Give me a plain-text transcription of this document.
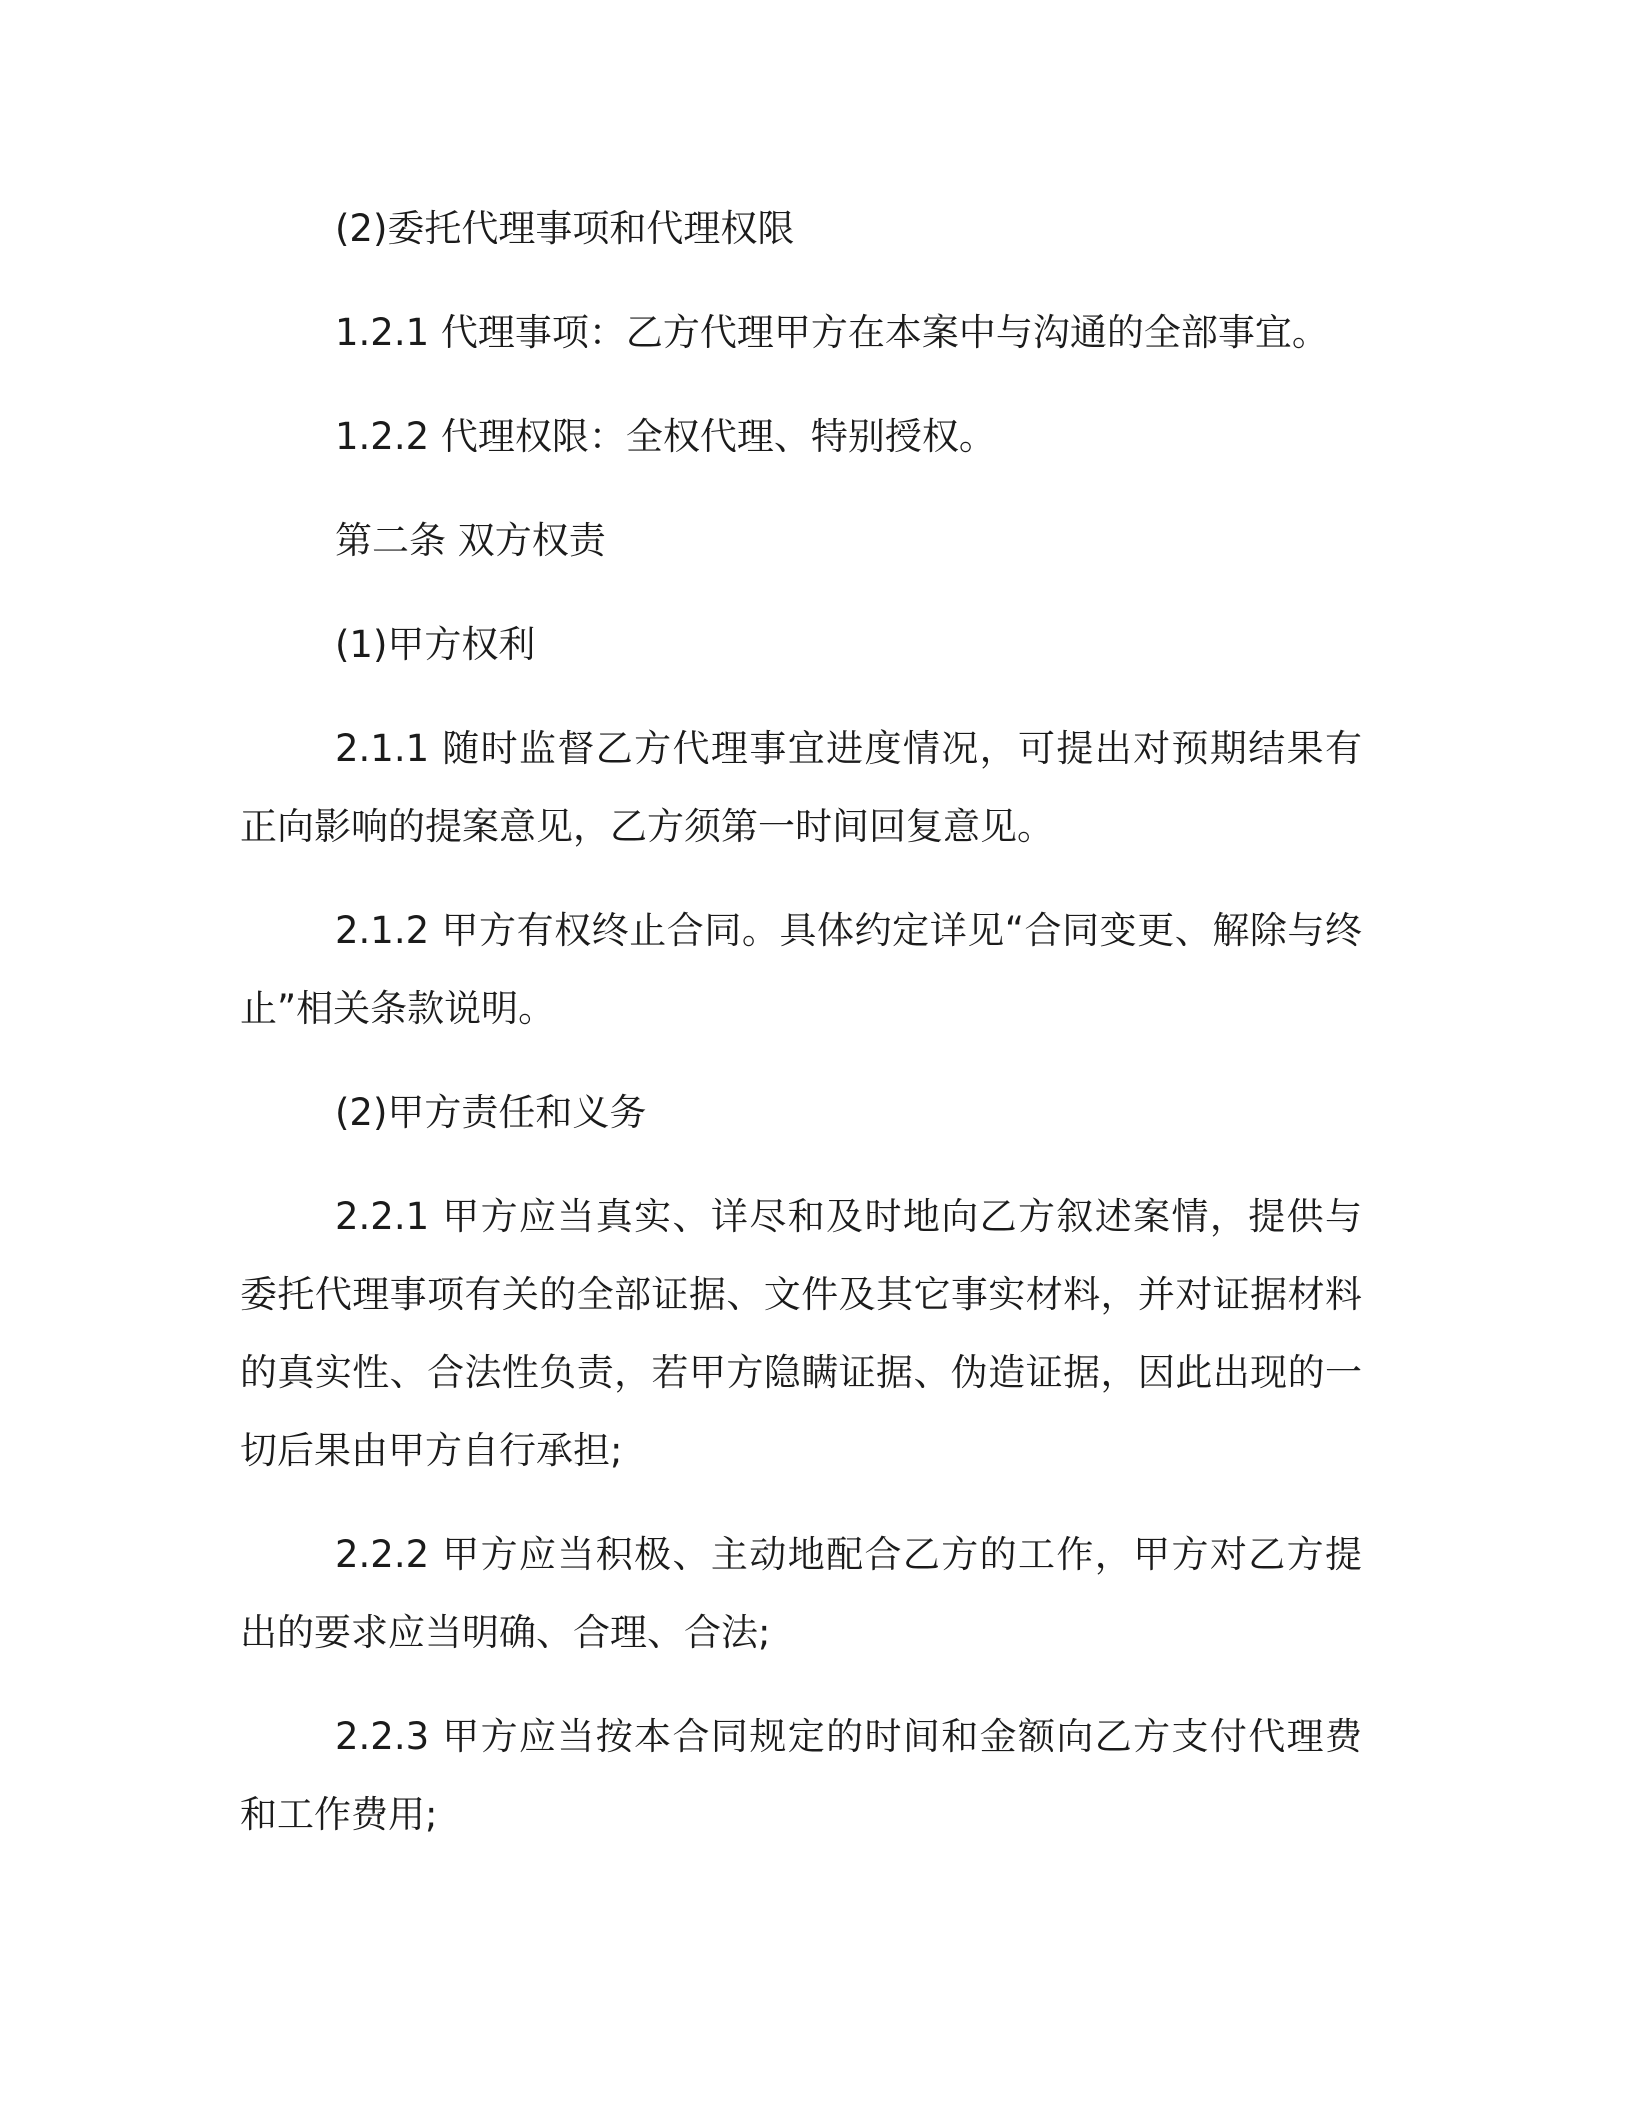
(2)委托代理事项和代理权限

1.2.1 代理事项：乙方代理甲方在本案中与沟通的全部事宜。

1.2.2 代理权限：全权代理、特别授权。

第二条 双方权责

(1)甲方权利

2.1.1 随时监督乙方代理事宜进度情况，可提出对预期结果有正向影响的提案意见，乙方须第一时间回复意见。

2.1.2 甲方有权终止合同。具体约定详见“合同变更、解除与终止”相关条款说明。

(2)甲方责任和义务

2.2.1 甲方应当真实、详尽和及时地向乙方叙述案情，提供与委托代理事项有关的全部证据、文件及其它事实材料，并对证据材料的真实性、合法性负责，若甲方隐瞒证据、伪造证据，因此出现的一切后果由甲方自行承担;

2.2.2 甲方应当积极、主动地配合乙方的工作，甲方对乙方提出的要求应当明确、合理、合法;

2.2.3 甲方应当按本合同规定的时间和金额向乙方支付代理费和工作费用;
